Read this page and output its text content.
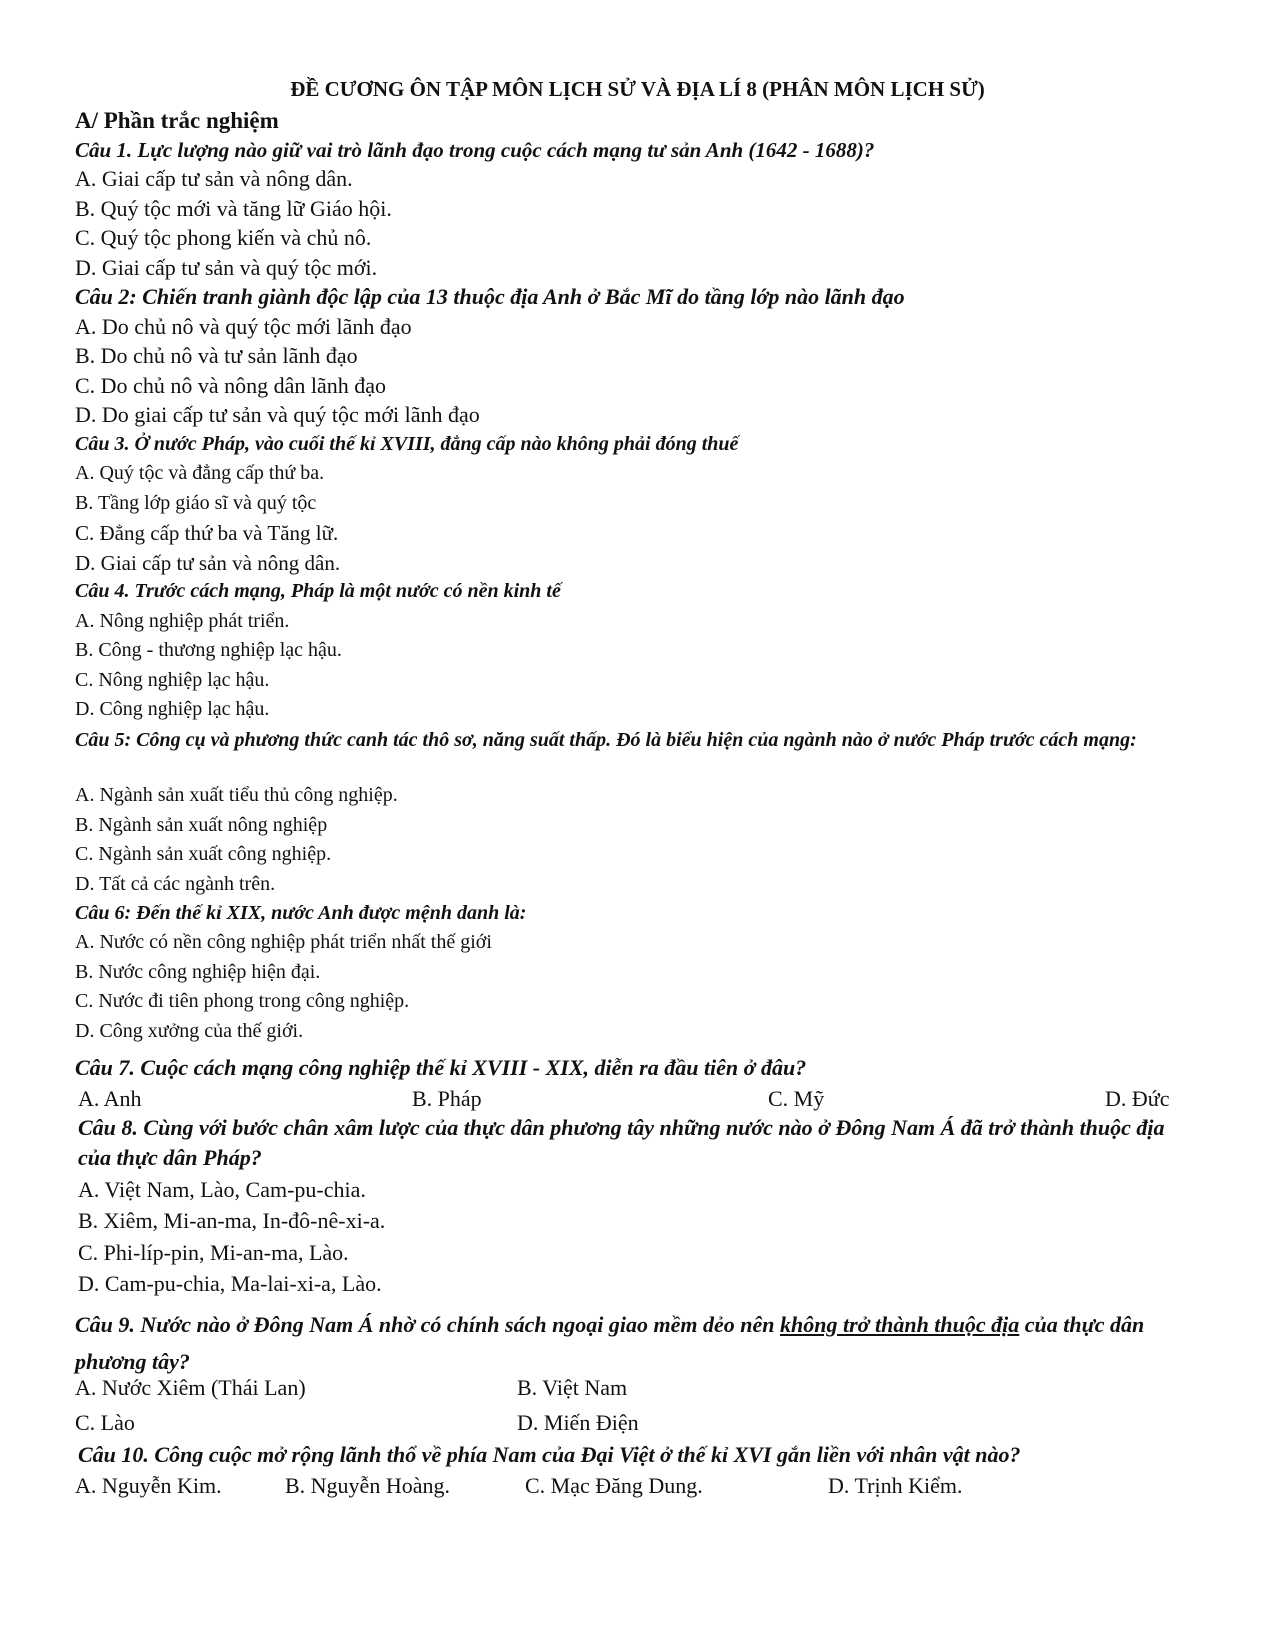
ĐỀ CƯƠNG ÔN TẬP MÔN LỊCH SỬ VÀ ĐỊA LÍ 8 (PHÂN MÔN LỊCH SỬ)
A/ Phần trắc nghiệm
Câu 1. Lực lượng nào giữ vai trò lãnh đạo trong cuộc cách mạng tư sản Anh (1642 - 1688)?
A. Giai cấp tư sản và nông dân.
B. Quý tộc mới và tăng lữ Giáo hội.
C. Quý tộc phong kiến và chủ nô.
D. Giai cấp tư sản và quý tộc mới.
Câu 2: Chiến tranh giành độc lập của 13 thuộc địa Anh ở Bắc Mĩ do tầng lớp nào lãnh đạo
A. Do chủ nô và quý tộc mới lãnh đạo
B. Do chủ nô và tư sản lãnh đạo
C. Do chủ nô và nông dân lãnh đạo
D. Do giai cấp tư sản và quý tộc mới lãnh đạo
Câu 3. Ở nước Pháp, vào cuối thế kỉ XVIII, đẳng cấp nào không phải đóng thuế
A. Quý tộc và đẳng cấp thứ ba.
B. Tầng lớp giáo sĩ và quý tộc
C. Đẳng cấp thứ ba và Tăng lữ.
D. Giai cấp tư sản và nông dân.
Câu 4. Trước cách mạng, Pháp là một nước có nền kinh tế
A. Nông nghiệp phát triển.
B. Công - thương nghiệp lạc hậu.
C. Nông nghiệp lạc hậu.
D. Công nghiệp lạc hậu.
Câu 5: Công cụ và phương thức canh tác thô sơ, năng suất thấp. Đó là biểu hiện của ngành nào ở nước Pháp trước cách mạng:
A. Ngành sản xuất tiểu thủ công nghiệp.
B. Ngành sản xuất nông nghiệp
C. Ngành sản xuất công nghiệp.
D. Tất cả các ngành trên.
Câu 6: Đến thế kỉ XIX, nước Anh được mệnh danh là:
A. Nước có nền công nghiệp phát triển nhất thế giới
B. Nước công nghiệp hiện đại.
C. Nước đi tiên phong trong công nghiệp.
D. Công xưởng của thế giới.
Câu 7. Cuộc cách mạng công nghiệp thế kỉ XVIII - XIX, diễn ra đầu tiên ở đâu?
A. Anh	B. Pháp	C. Mỹ	D. Đức
Câu 8. Cùng với bước chân xâm lược của thực dân phương tây những nước nào ở Đông Nam Á đã trở thành thuộc địa của thực dân Pháp?
A. Việt Nam, Lào, Cam-pu-chia.
B. Xiêm, Mi-an-ma, In-đô-nê-xi-a.
C. Phi-líp-pin, Mi-an-ma, Lào.
D. Cam-pu-chia, Ma-lai-xi-a, Lào.
Câu 9. Nước nào ở Đông Nam Á nhờ có chính sách ngoại giao mềm dẻo nên không trở thành thuộc địa của thực dân phương tây?
A. Nước Xiêm (Thái Lan)	B. Việt Nam
C. Lào	D. Miến Điện
Câu 10. Công cuộc mở rộng lãnh thổ về phía Nam của Đại Việt ở thế kỉ XVI gắn liền với nhân vật nào?
A. Nguyễn Kim.	B. Nguyễn Hoàng.	C. Mạc Đăng Dung.	D. Trịnh Kiểm.
